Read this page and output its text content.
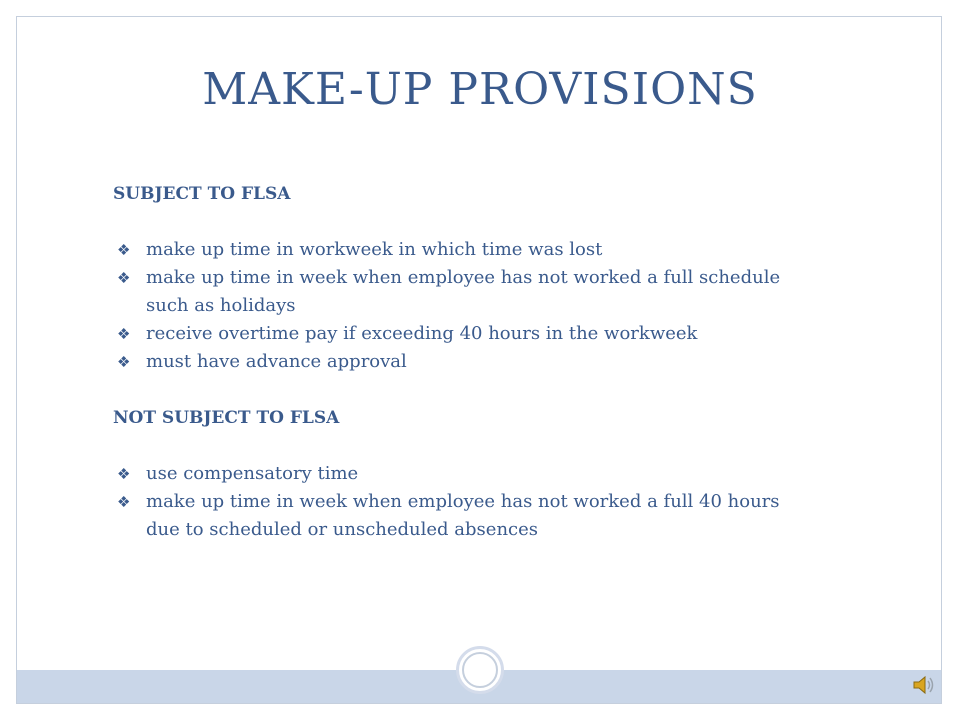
MAKE-UP PROVISIONS
SUBJECT TO FLSA
❖ make up time in workweek in which time was lost
❖ make up time in week when employee has not worked a full schedule such as holidays
❖ receive overtime pay if exceeding 40 hours in the workweek
❖ must have advance approval
NOT SUBJECT TO FLSA
❖ use compensatory time
❖ make up time in week when employee has not worked a full 40 hours due to scheduled or unscheduled absences
